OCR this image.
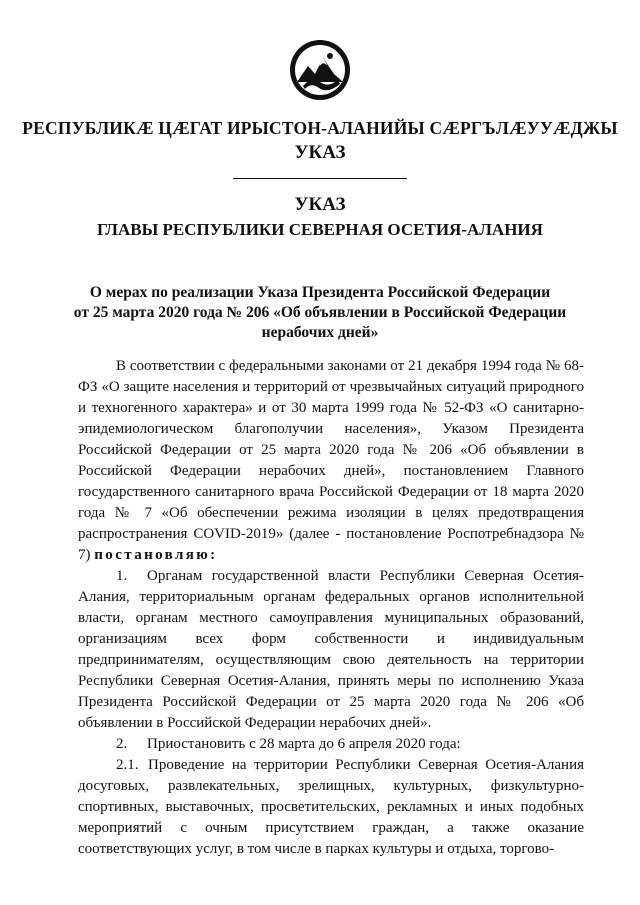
РЕСПУБЛИКÆ ЦÆГАТ ИРЫСТОН-АЛАНИЙЫ СÆРГЪЛÆУУÆДЖЫ
УКАЗ
УКАЗ
ГЛАВЫ РЕСПУБЛИКИ СЕВЕРНАЯ ОСЕТИЯ-АЛАНИЯ
О мерах по реализации Указа Президента Российской Федерации
от 25 марта 2020 года № 206 «Об объявлении в Российской Федерации
нерабочих дней»

В соответствии с федеральными законами от 21 декабря 1994 года № 68-ФЗ «О защите населения и территорий от чрезвычайных ситуаций природного и техногенного характера» и от 30 марта 1999 года № 52-ФЗ «О санитарно- эпидемиологическом благополучии населения», Указом Президента Российской Федерации от 25 марта 2020 года № 206 «Об объявлении в Российской Федерации нерабочих дней», постановлением Главного государственного санитарного врача Российской Федерации от 18 марта 2020 года № 7 «Об обеспечении режима изоляции в целях предотвращения распространения COVID-2019» (далее - постановление Роспотребнадзора № 7) постановляю:

1. Органам государственной власти Республики Северная Осетия-Алания, территориальным органам федеральных органов исполнительной власти, органам местного самоуправления муниципальных образований, организациям всех форм собственности и индивидуальным предпринимателям, осуществляющим свою деятельность на территории Республики Северная Осетия-Алания, принять меры по исполнению Указа Президента Российской Федерации от 25 марта 2020 года № 206 «Об объявлении в Российской Федерации нерабочих дней».

2. Приостановить с 28 марта до 6 апреля 2020 года:

2.1. Проведение на территории Республики Северная Осетия-Алания досуговых, развлекательных, зрелищных, культурных, физкультурно-спортивных, выставочных, просветительских, рекламных и иных подобных мероприятий с очным присутствием граждан, а также оказание соответствующих услуг, в том числе в парках культуры и отдыха, торгово-
